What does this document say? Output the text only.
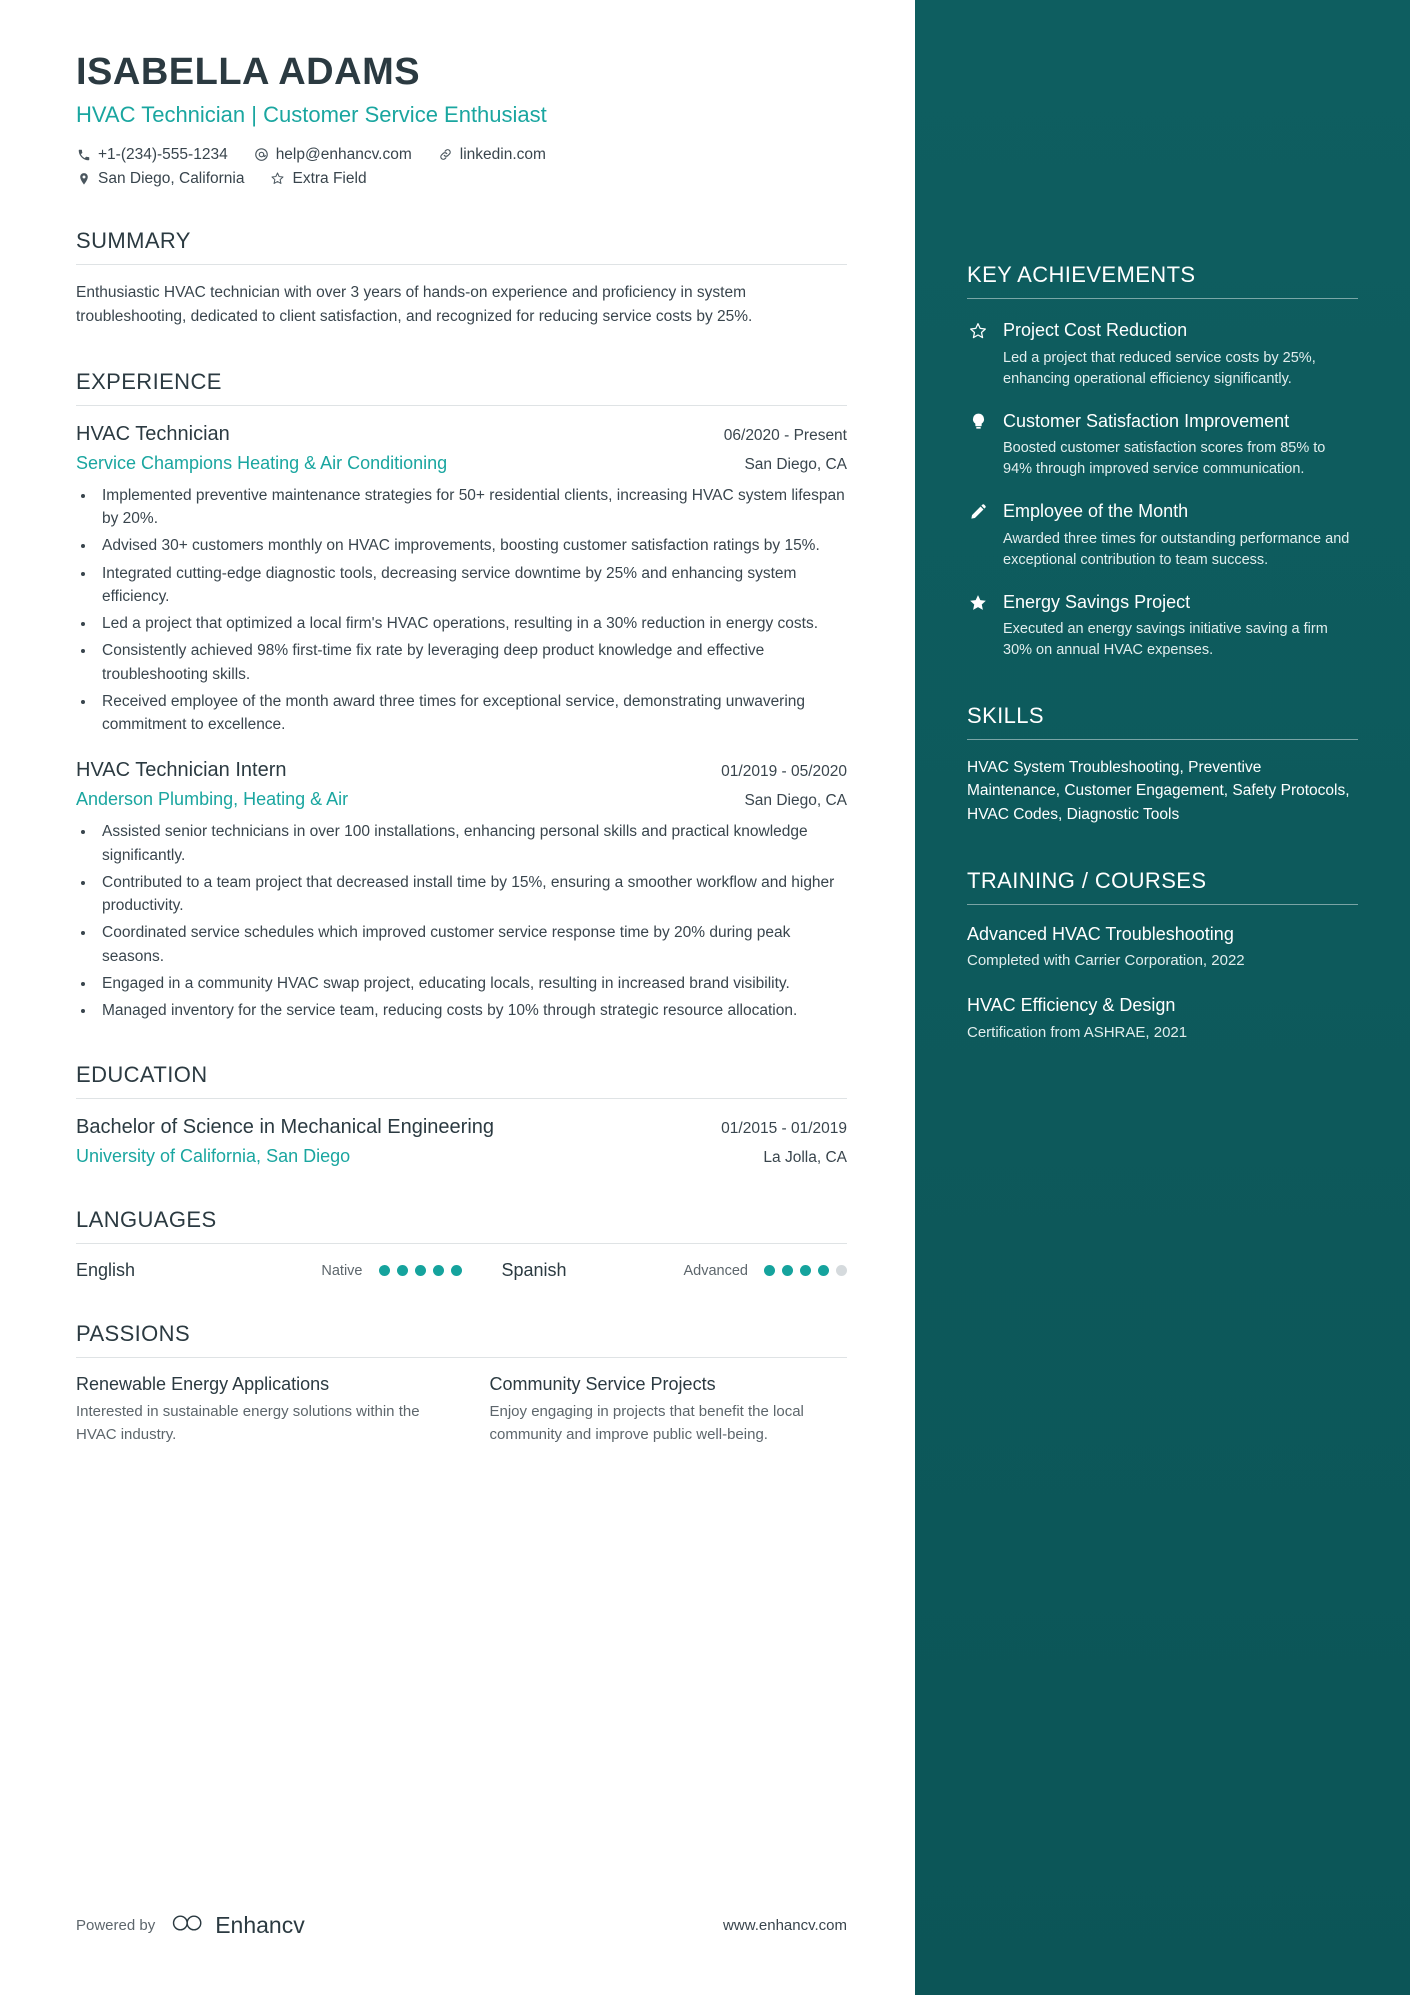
ISABELLA ADAMS
HVAC Technician | Customer Service Enthusiast
+1-(234)-555-1234	help@enhancv.com	linkedin.com
San Diego, California	Extra Field
SUMMARY
Enthusiastic HVAC technician with over 3 years of hands-on experience and proficiency in system troubleshooting, dedicated to client satisfaction, and recognized for reducing service costs by 25%.
EXPERIENCE
HVAC Technician	06/2020 - Present
Service Champions Heating & Air Conditioning	San Diego, CA
• Implemented preventive maintenance strategies for 50+ residential clients, increasing HVAC system lifespan by 20%.
• Advised 30+ customers monthly on HVAC improvements, boosting customer satisfaction ratings by 15%.
• Integrated cutting-edge diagnostic tools, decreasing service downtime by 25% and enhancing system efficiency.
• Led a project that optimized a local firm's HVAC operations, resulting in a 30% reduction in energy costs.
• Consistently achieved 98% first-time fix rate by leveraging deep product knowledge and effective troubleshooting skills.
• Received employee of the month award three times for exceptional service, demonstrating unwavering commitment to excellence.
HVAC Technician Intern	01/2019 - 05/2020
Anderson Plumbing, Heating & Air	San Diego, CA
• Assisted senior technicians in over 100 installations, enhancing personal skills and practical knowledge significantly.
• Contributed to a team project that decreased install time by 15%, ensuring a smoother workflow and higher productivity.
• Coordinated service schedules which improved customer service response time by 20% during peak seasons.
• Engaged in a community HVAC swap project, educating locals, resulting in increased brand visibility.
• Managed inventory for the service team, reducing costs by 10% through strategic resource allocation.
EDUCATION
Bachelor of Science in Mechanical Engineering	01/2015 - 01/2019
University of California, San Diego	La Jolla, CA
LANGUAGES
English	Native	Spanish	Advanced
PASSIONS
Renewable Energy Applications
Interested in sustainable energy solutions within the HVAC industry.
Community Service Projects
Enjoy engaging in projects that benefit the local community and improve public well-being.
Powered by	Enhancv	www.enhancv.com
KEY ACHIEVEMENTS
Project Cost Reduction
Led a project that reduced service costs by 25%, enhancing operational efficiency significantly.
Customer Satisfaction Improvement
Boosted customer satisfaction scores from 85% to 94% through improved service communication.
Employee of the Month
Awarded three times for outstanding performance and exceptional contribution to team success.
Energy Savings Project
Executed an energy savings initiative saving a firm 30% on annual HVAC expenses.
SKILLS
HVAC System Troubleshooting, Preventive Maintenance, Customer Engagement, Safety Protocols, HVAC Codes, Diagnostic Tools
TRAINING / COURSES
Advanced HVAC Troubleshooting
Completed with Carrier Corporation, 2022
HVAC Efficiency & Design
Certification from ASHRAE, 2021
